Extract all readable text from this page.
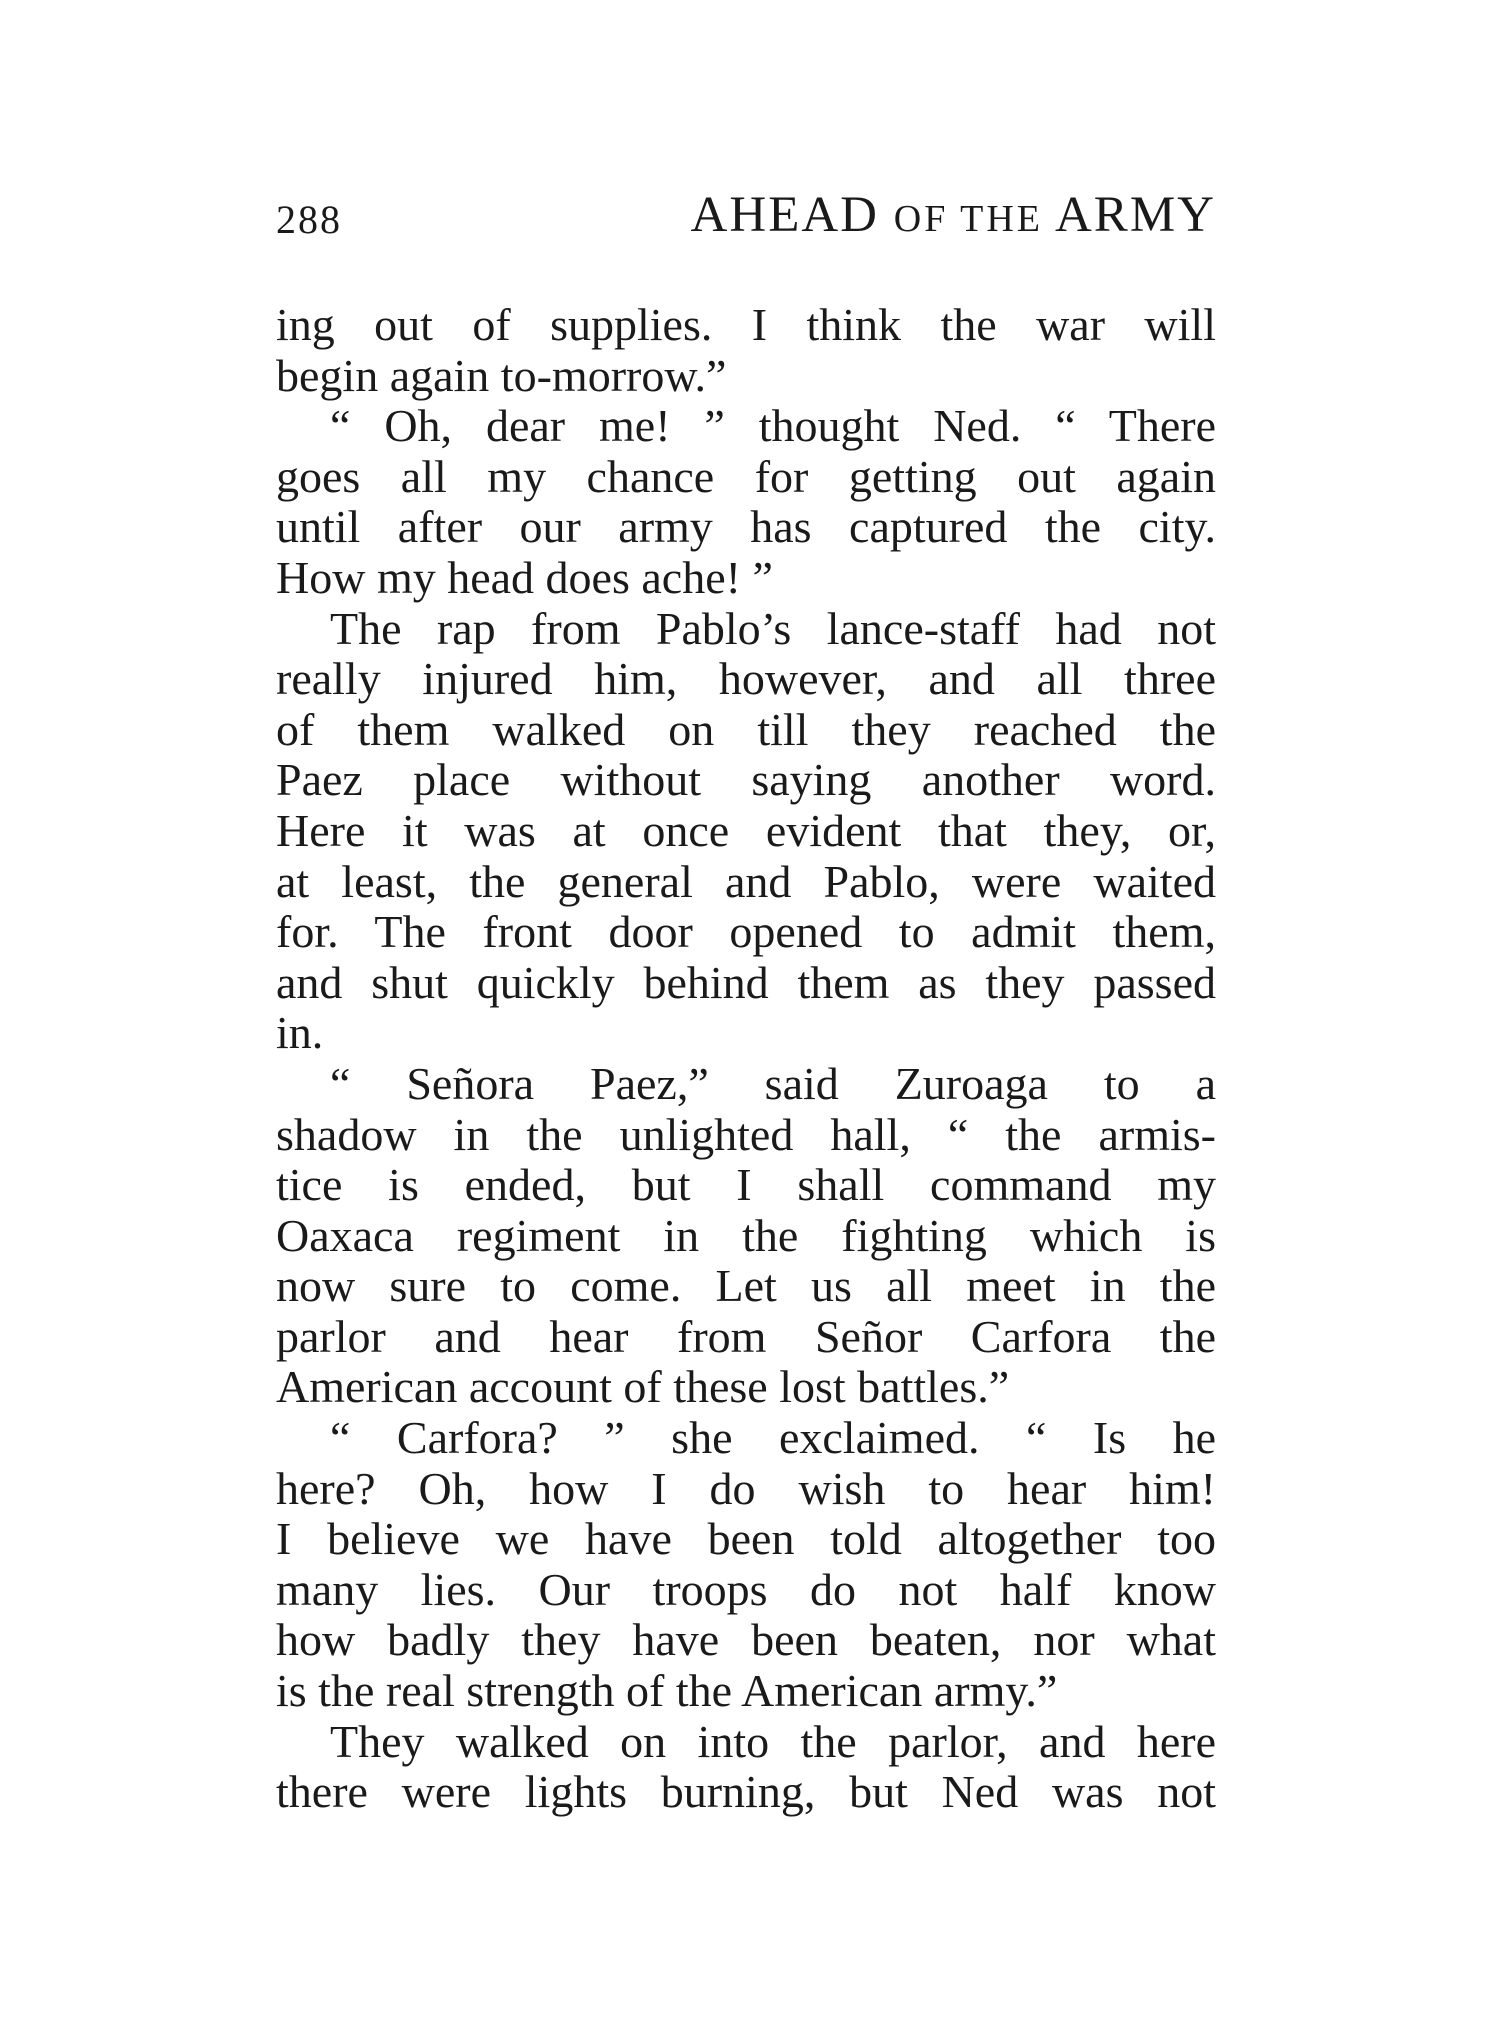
288	AHEAD OF THE ARMY
ing out of supplies. I think the war will
begin again to-morrow.”
“ Oh, dear me! ” thought Ned. “ There
goes all my chance for getting out again
until after our army has captured the city.
How my head does ache! ”
The rap from Pablo’s lance-staff had not
really injured him, however, and all three
of them walked on till they reached the
Paez place without saying another word.
Here it was at once evident that they, or,
at least, the general and Pablo, were waited
for. The front door opened to admit them,
and shut quickly behind them as they passed
in.
“ Señora Paez,” said Zuroaga to a
shadow in the unlighted hall, “ the armis-
tice is ended, but I shall command my
Oaxaca regiment in the fighting which is
now sure to come. Let us all meet in the
parlor and hear from Señor Carfora the
American account of these lost battles.”
“ Carfora? ” she exclaimed. “ Is he
here? Oh, how I do wish to hear him!
I believe we have been told altogether too
many lies. Our troops do not half know
how badly they have been beaten, nor what
is the real strength of the American army.”
They walked on into the parlor, and here
there were lights burning, but Ned was not
